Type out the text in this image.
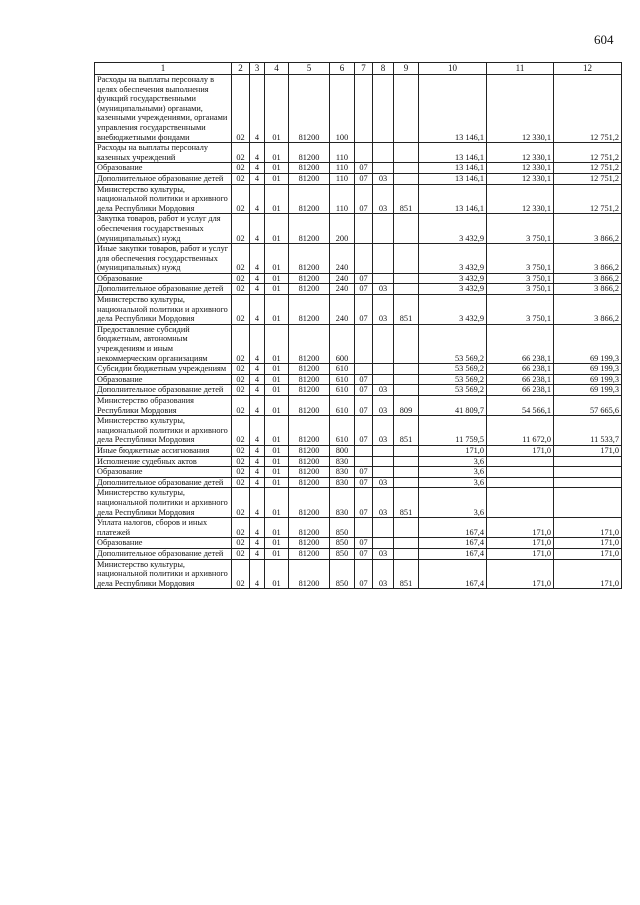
604
1	2	3	4	5	6	7	8	9	10	11	12
Расходы на выплаты персоналу в целях обеспечения выполнения функций государственными (муниципальными) органами, казенными учреждениями, органами управления государственными внебюджетными фондами	02	4	01	81200	100				13 146,1	12 330,1	12 751,2
Расходы на выплаты персоналу казенных учреждений	02	4	01	81200	110				13 146,1	12 330,1	12 751,2
Образование	02	4	01	81200	110	07			13 146,1	12 330,1	12 751,2
Дополнительное образование детей	02	4	01	81200	110	07	03		13 146,1	12 330,1	12 751,2
Министерство культуры, национальной политики и архивного дела Республики Мордовия	02	4	01	81200	110	07	03	851	13 146,1	12 330,1	12 751,2
Закупка товаров, работ и услуг для обеспечения государственных (муниципальных) нужд	02	4	01	81200	200				3 432,9	3 750,1	3 866,2
Иные закупки товаров, работ и услуг для обеспечения государственных (муниципальных) нужд	02	4	01	81200	240				3 432,9	3 750,1	3 866,2
Образование	02	4	01	81200	240	07			3 432,9	3 750,1	3 866,2
Дополнительное образование детей	02	4	01	81200	240	07	03		3 432,9	3 750,1	3 866,2
Министерство культуры, национальной политики и архивного дела Республики Мордовия	02	4	01	81200	240	07	03	851	3 432,9	3 750,1	3 866,2
Предоставление субсидий бюджетным, автономным учреждениям и иным некоммерческим организациям	02	4	01	81200	600				53 569,2	66 238,1	69 199,3
Субсидии бюджетным учреждениям	02	4	01	81200	610				53 569,2	66 238,1	69 199,3
Образование	02	4	01	81200	610	07			53 569,2	66 238,1	69 199,3
Дополнительное образование детей	02	4	01	81200	610	07	03		53 569,2	66 238,1	69 199,3
Министерство образования Республики Мордовия	02	4	01	81200	610	07	03	809	41 809,7	54 566,1	57 665,6
Министерство культуры, национальной политики и архивного дела Республики Мордовия	02	4	01	81200	610	07	03	851	11 759,5	11 672,0	11 533,7
Иные бюджетные ассигнования	02	4	01	81200	800				171,0	171,0	171,0
Исполнение судебных актов	02	4	01	81200	830				3,6		
Образование	02	4	01	81200	830	07			3,6		
Дополнительное образование детей	02	4	01	81200	830	07	03		3,6		
Министерство культуры, национальной политики и архивного дела Республики Мордовия	02	4	01	81200	830	07	03	851	3,6		
Уплата налогов, сборов и иных платежей	02	4	01	81200	850				167,4	171,0	171,0
Образование	02	4	01	81200	850	07			167,4	171,0	171,0
Дополнительное образование детей	02	4	01	81200	850	07	03		167,4	171,0	171,0
Министерство культуры, национальной политики и архивного дела Республики Мордовия	02	4	01	81200	850	07	03	851	167,4	171,0	171,0
